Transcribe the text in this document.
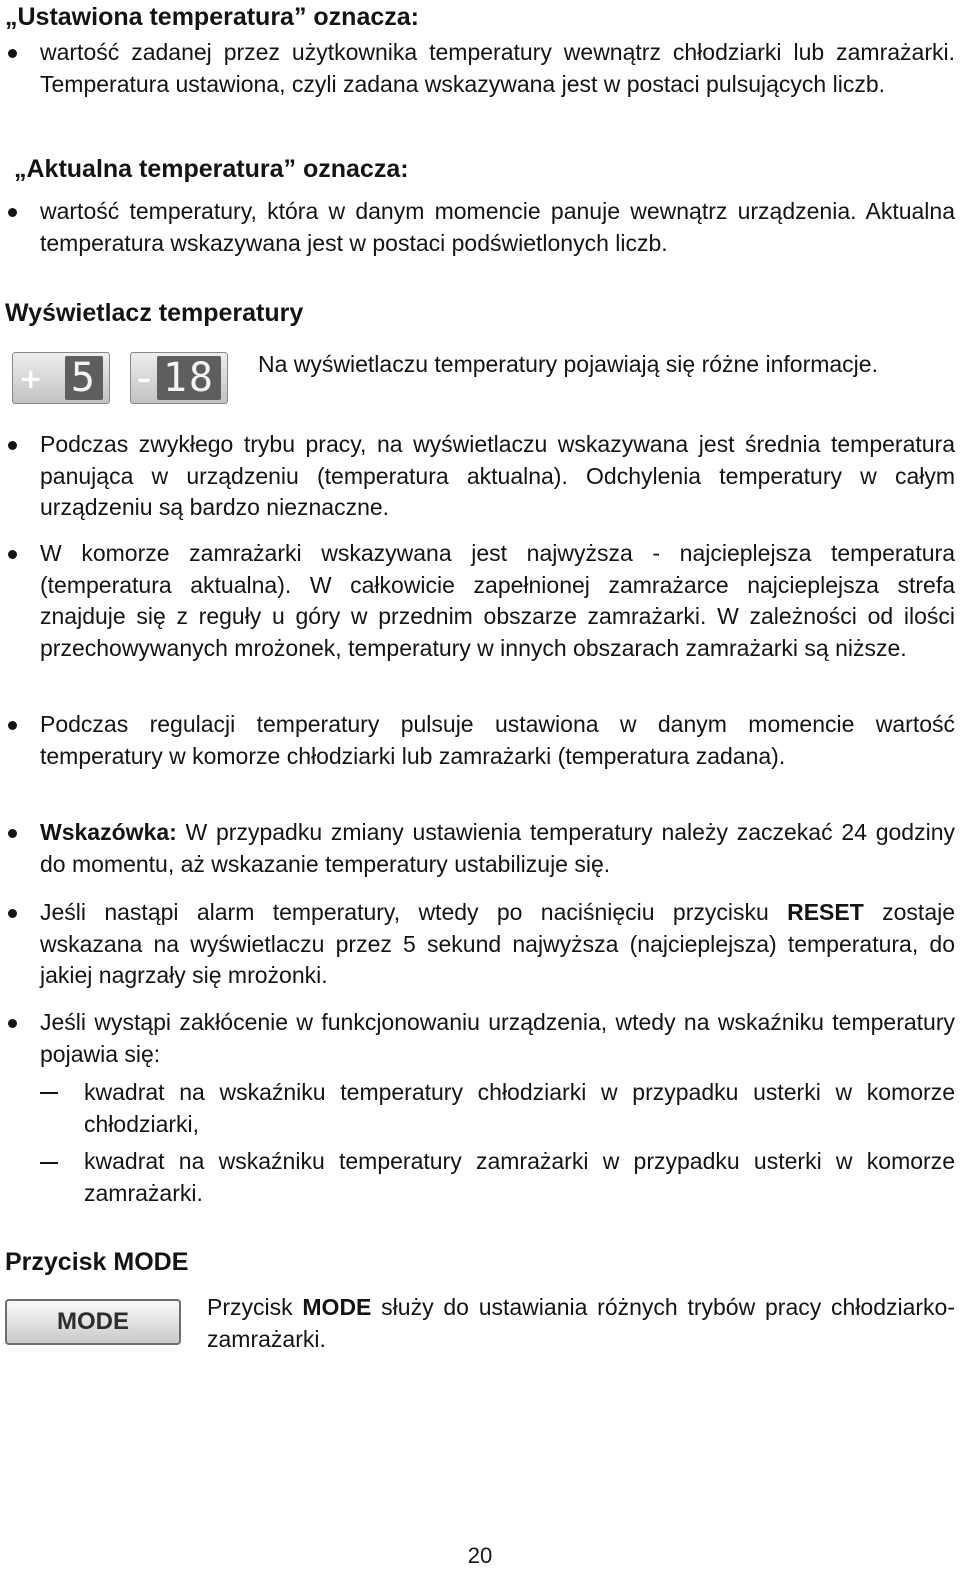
„Ustawiona temperatura” oznacza:
wartość zadanej przez użytkownika temperatury wewnątrz chłodziarki lub zamrażarki. Temperatura ustawiona, czyli zadana wskazywana jest w postaci pulsujących liczb.
„Aktualna temperatura” oznacza:
wartość temperatury, która w danym momencie panuje wewnątrz urządzenia. Aktualna temperatura wskazywana jest w postaci podświetlonych liczb.
Wyświetlacz temperatury
+ 5 – 18 Na wyświetlaczu temperatury pojawiają się różne informacje.
Podczas zwykłego trybu pracy, na wyświetlaczu wskazywana jest średnia temperatura panująca w urządzeniu (temperatura aktualna). Odchylenia temperatury w całym urządzeniu są bardzo nieznaczne.
W komorze zamrażarki wskazywana jest najwyższa - najcieplejsza temperatura (temperatura aktualna). W całkowicie zapełnionej zamrażarce najcieplejsza strefa znajduje się z reguły u góry w przednim obszarze zamrażarki. W zależności od ilości przechowywanych mrożonek, temperatury w innych obszarach zamrażarki są niższe.
Podczas regulacji temperatury pulsuje ustawiona w danym momencie wartość temperatury w komorze chłodziarki lub zamrażarki (temperatura zadana).
Wskazówka: W przypadku zmiany ustawienia temperatury należy zaczekać 24 godziny do momentu, aż wskazanie temperatury ustabilizuje się.
Jeśli nastąpi alarm temperatury, wtedy po naciśnięciu przycisku RESET zostaje wskazana na wyświetlaczu przez 5 sekund najwyższa (najcieplejsza) temperatura, do jakiej nagrzały się mrożonki.
Jeśli wystąpi zakłócenie w funkcjonowaniu urządzenia, wtedy na wskaźniku temperatury pojawia się:
kwadrat na wskaźniku temperatury chłodziarki w przypadku usterki w komorze chłodziarki,
kwadrat na wskaźniku temperatury zamrażarki w przypadku usterki w komorze zamrażarki.
Przycisk MODE
MODE
Przycisk MODE służy do ustawiania różnych trybów pracy chłodziarko-zamrażarki.
20
